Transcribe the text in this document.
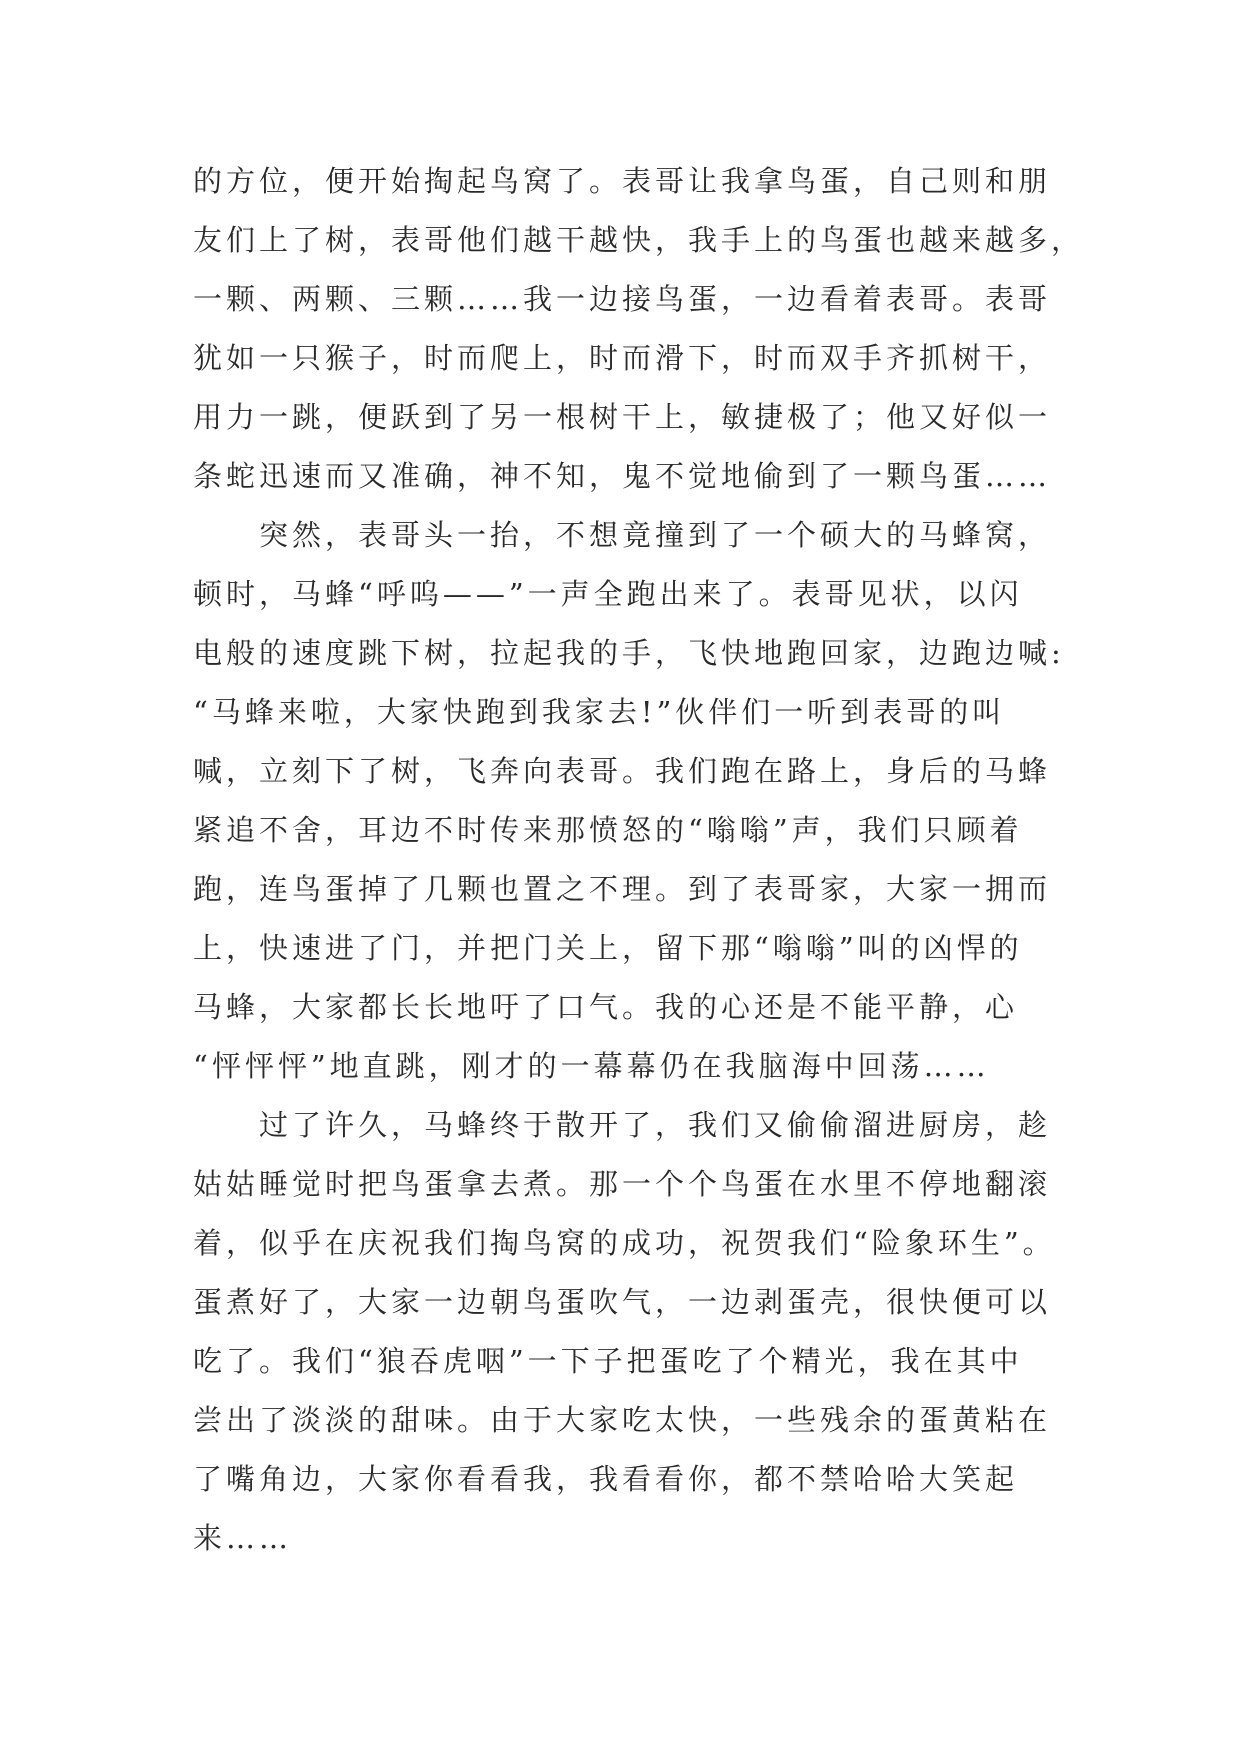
的方位，便开始掏起鸟窝了。表哥让我拿鸟蛋，自己则和朋
友们上了树，表哥他们越干越快，我手上的鸟蛋也越来越多，
一颗、两颗、三颗……我一边接鸟蛋，一边看着表哥。表哥
犹如一只猴子，时而爬上，时而滑下，时而双手齐抓树干，
用力一跳，便跃到了另一根树干上，敏捷极了；他又好似一
条蛇迅速而又准确，神不知，鬼不觉地偷到了一颗鸟蛋……
　　突然，表哥头一抬，不想竟撞到了一个硕大的马蜂窝，
顿时，马蜂“呼呜——”一声全跑出来了。表哥见状，以闪
电般的速度跳下树，拉起我的手，飞快地跑回家，边跑边喊:
“马蜂来啦，大家快跑到我家去!”伙伴们一听到表哥的叫
喊，立刻下了树，飞奔向表哥。我们跑在路上，身后的马蜂
紧追不舍，耳边不时传来那愤怒的“嗡嗡”声，我们只顾着
跑，连鸟蛋掉了几颗也置之不理。到了表哥家，大家一拥而
上，快速进了门，并把门关上，留下那“嗡嗡”叫的凶悍的
马蜂，大家都长长地吁了口气。我的心还是不能平静，心
“怦怦怦”地直跳，刚才的一幕幕仍在我脑海中回荡……
　　过了许久，马蜂终于散开了，我们又偷偷溜进厨房，趁
姑姑睡觉时把鸟蛋拿去煮。那一个个鸟蛋在水里不停地翻滚
着，似乎在庆祝我们掏鸟窝的成功，祝贺我们“险象环生”。
蛋煮好了，大家一边朝鸟蛋吹气，一边剥蛋壳，很快便可以
吃了。我们“狼吞虎咽”一下子把蛋吃了个精光，我在其中
尝出了淡淡的甜味。由于大家吃太快，一些残余的蛋黄粘在
了嘴角边，大家你看看我，我看看你，都不禁哈哈大笑起
来……
